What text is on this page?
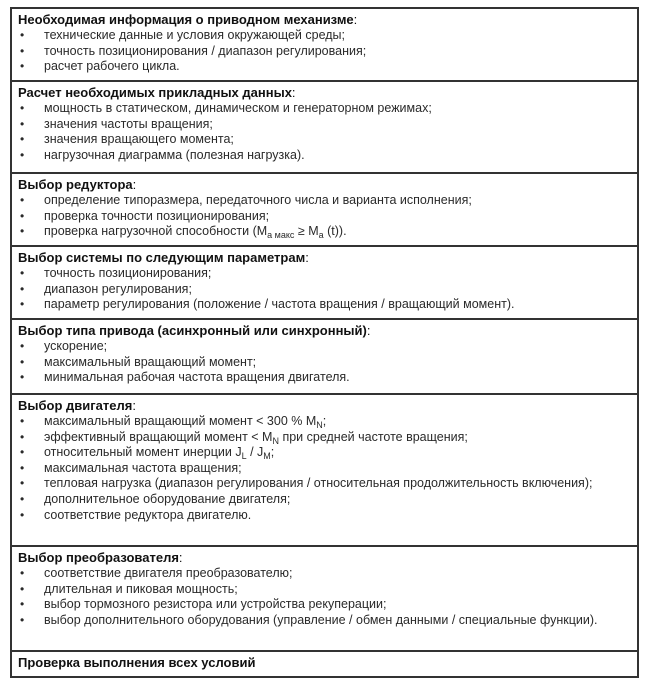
Необходимая информация о приводном механизме:
• технические данные и условия окружающей среды;
• точность позиционирования / диапазон регулирования;
• расчет рабочего цикла.
Расчет необходимых прикладных данных:
• мощность в статическом, динамическом и генераторном режимах;
• значения частоты вращения;
• значения вращающего момента;
• нагрузочная диаграмма (полезная нагрузка).
Выбор редуктора:
• определение типоразмера, передаточного числа и варианта исполнения;
• проверка точности позиционирования;
• проверка нагрузочной способности ($M_{a макс} \ge M_a$ (t)).
Выбор системы по следующим параметрам:
• точность позиционирования;
• диапазон регулирования;
• параметр регулирования (положение / частота вращения / вращающий момент).
Выбор типа привода (асинхронный или синхронный):
• ускорение;
• максимальный вращающий момент;
• минимальная рабочая частота вращения двигателя.
Выбор двигателя:
• максимальный вращающий момент < 300 % $M_N$;
• эффективный вращающий момент < $M_N$ при средней частоте вращения;
• относительный момент инерции $J_L / J_M$;
• максимальная частота вращения;
• тепловая нагрузка (диапазон регулирования / относительная продолжительность включения);
• дополнительное оборудование двигателя;
• соответствие редуктора двигателю.
Выбор преобразователя:
• соответствие двигателя преобразователю;
• длительная и пиковая мощность;
• выбор тормозного резистора или устройства рекуперации;
• выбор дополнительного оборудования (управление / обмен данными / специальные функции).
Проверка выполнения всех условий
